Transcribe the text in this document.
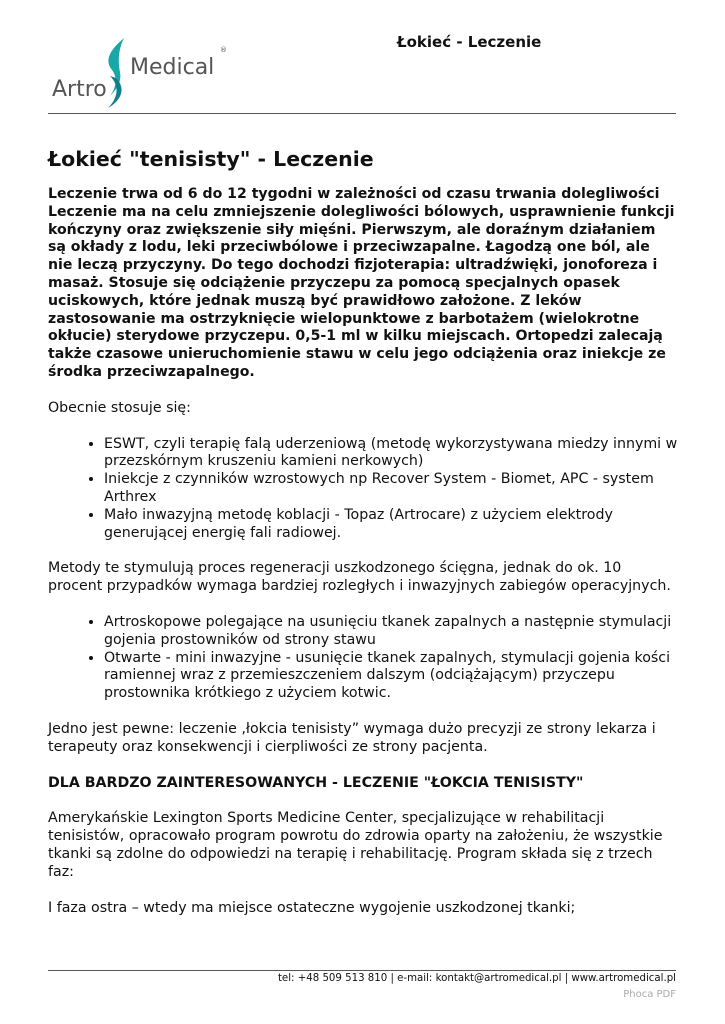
Artro
Medical
®	Łokieć - Leczenie
Łokieć "tenisisty" - Leczenie

Leczenie trwa od 6 do 12 tygodni w zależności od czasu trwania dolegliwości Leczenie ma na celu zmniejszenie dolegliwości bólowych, usprawnienie funkcji kończyny oraz zwiększenie siły mięśni. Pierwszym, ale doraźnym działaniem są okłady z lodu, leki przeciwbólowe i przeciwzapalne. Łagodzą one ból, ale nie leczą przyczyny. Do tego dochodzi fizjoterapia: ultradźwięki, jonoforeza i masaż. Stosuje się odciążenie przyczepu za pomocą specjalnych opasek uciskowych, które jednak muszą być prawidłowo założone. Z leków zastosowanie ma ostrzyknięcie wielopunktowe z barbotażem (wielokrotne okłucie) sterydowe przyczepu. 0,5-1 ml w kilku miejscach. Ortopedzi zalecają także czasowe unieruchomienie stawu w celu jego odciążenia oraz iniekcje ze środka przeciwzapalnego.

Obecnie stosuje się:

• ESWT, czyli terapię falą uderzeniową (metodę wykorzystywana miedzy innymi w przezskórnym kruszeniu kamieni nerkowych)
• Iniekcje z czynników wzrostowych np Recover System - Biomet, APC - system Arthrex
• Mało inwazyjną metodę koblacji - Topaz (Artrocare) z użyciem elektrody generującej energię fali radiowej.

Metody te stymulują proces regeneracji uszkodzonego ścięgna, jednak do ok. 10 procent przypadków wymaga bardziej rozległych i inwazyjnych zabiegów operacyjnych.

• Artroskopowe polegające na usunięciu tkanek zapalnych a następnie stymulacji gojenia prostowników od strony stawu
• Otwarte - mini inwazyjne - usunięcie tkanek zapalnych, stymulacji gojenia kości ramiennej wraz z przemieszczeniem dalszym (odciążającym) przyczepu prostownika krótkiego z użyciem kotwic.

Jedno jest pewne: leczenie ‚łokcia tenisisty” wymaga dużo precyzji ze strony lekarza i terapeuty oraz konsekwencji i cierpliwości ze strony pacjenta.

DLA BARDZO ZAINTERESOWANYCH - LECZENIE "ŁOKCIA TENISISTY"

Amerykańskie Lexington Sports Medicine Center, specjalizujące w rehabilitacji tenisistów, opracowało program powrotu do zdrowia oparty na założeniu, że wszystkie tkanki są zdolne do odpowiedzi na terapię i rehabilitację. Program składa się z trzech faz:

I faza ostra – wtedy ma miejsce ostateczne wygojenie uszkodzonej tkanki;

tel: +48 509 513 810 | e-mail: kontakt@artromedical.pl | www.artromedical.pl
Phoca PDF
